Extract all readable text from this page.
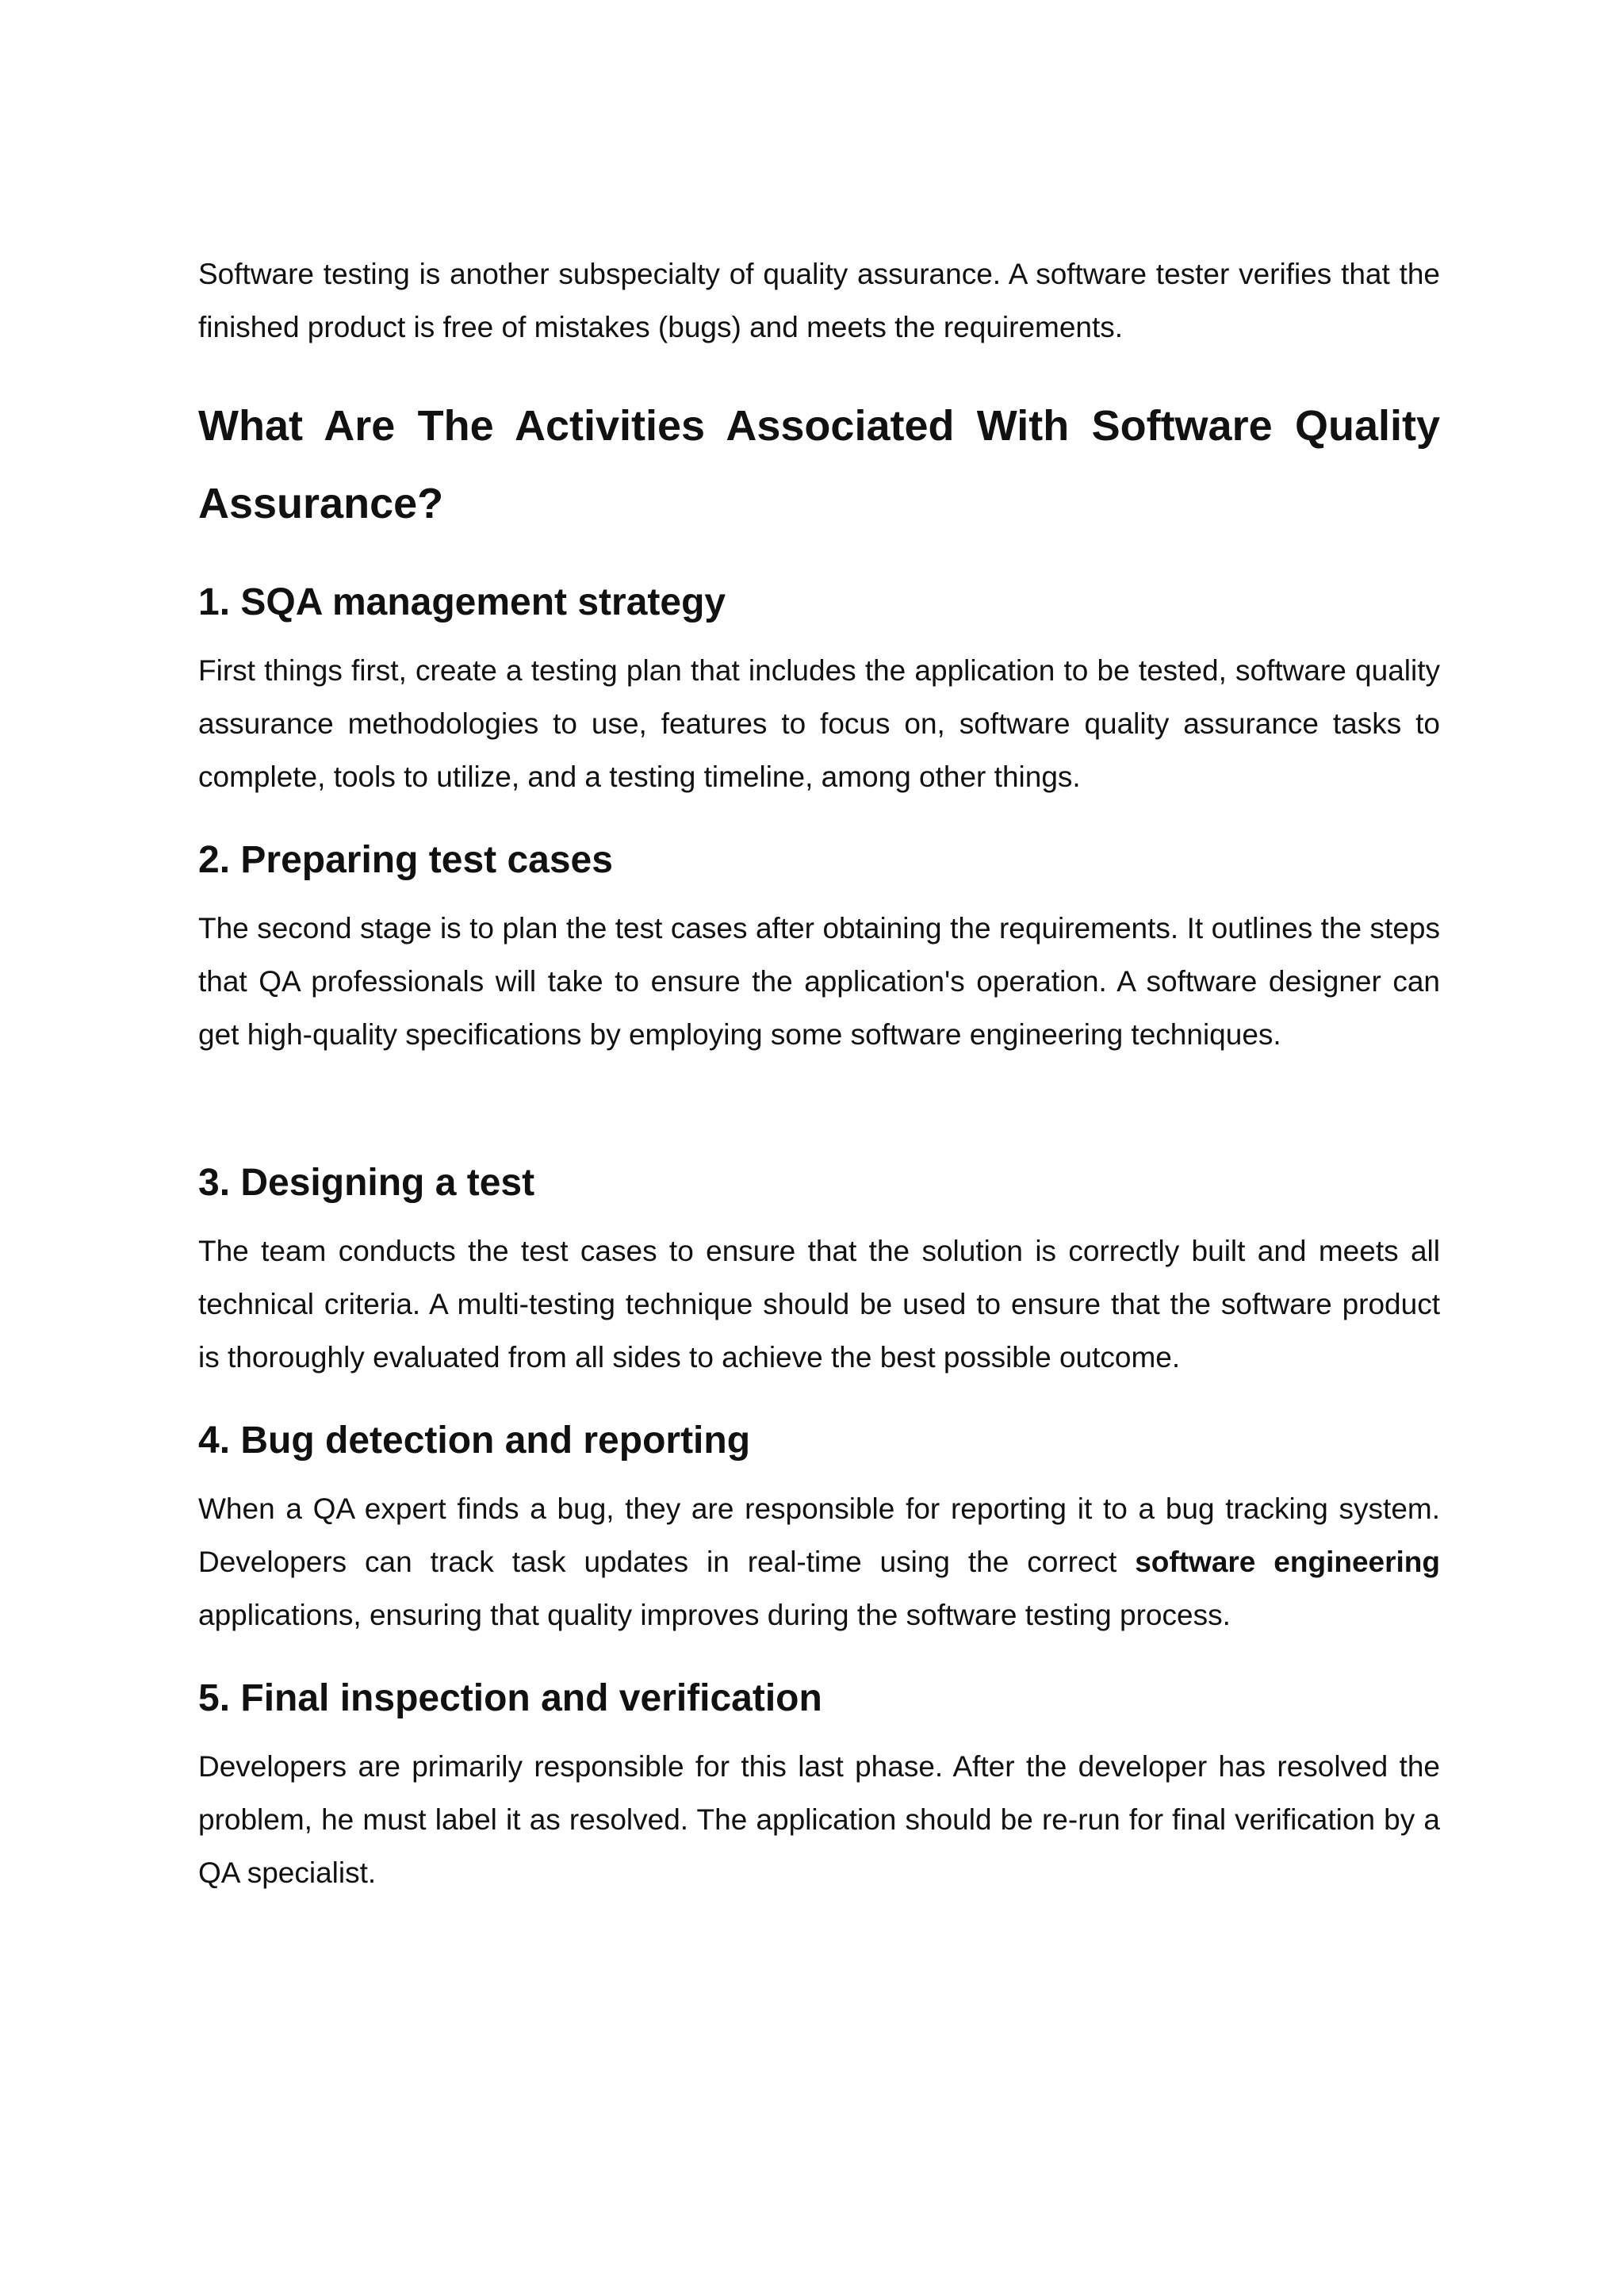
Software testing is another subspecialty of quality assurance. A software tester verifies that the finished product is free of mistakes (bugs) and meets the requirements.

What Are The Activities Associated With Software Quality Assurance?
1. SQA management strategy

First things first, create a testing plan that includes the application to be tested, software quality assurance methodologies to use, features to focus on, software quality assurance tasks to complete, tools to utilize, and a testing timeline, among other things.

2. Preparing test cases

The second stage is to plan the test cases after obtaining the requirements. It outlines the steps that QA professionals will take to ensure the application's operation. A software designer can get high-quality specifications by employing some software engineering techniques.

3. Designing a test

The team conducts the test cases to ensure that the solution is correctly built and meets all technical criteria. A multi-testing technique should be used to ensure that the software product is thoroughly evaluated from all sides to achieve the best possible outcome.

4. Bug detection and reporting

When a QA expert finds a bug, they are responsible for reporting it to a bug tracking system. Developers can track task updates in real-time using the correct software engineering applications, ensuring that quality improves during the software testing process.

5. Final inspection and verification

Developers are primarily responsible for this last phase. After the developer has resolved the problem, he must label it as resolved. The application should be re-run for final verification by a QA specialist.
